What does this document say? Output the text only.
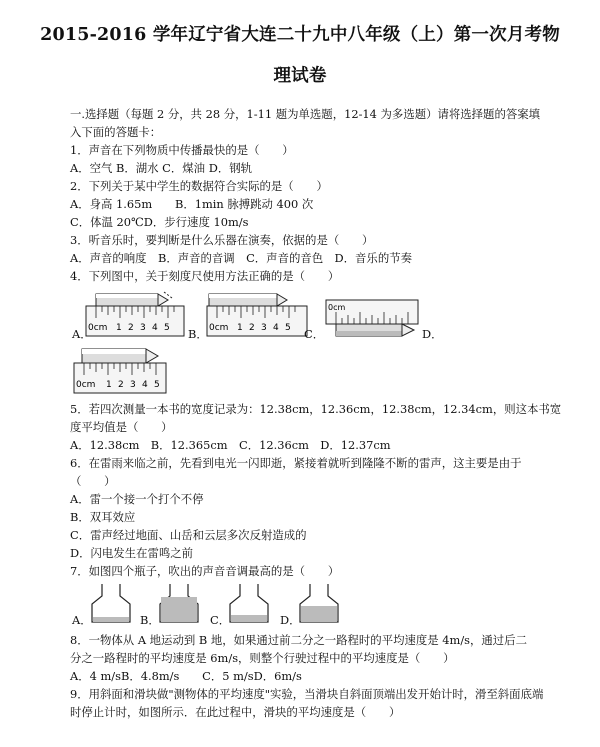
2015-2016 学年辽宁省大连二十九中八年级（上）第一次月考物
理试卷
一.选择题（每题 2 分，共 28 分，1-11 题为单选题，12-14 为多选题）请将选择题的答案填
入下面的答题卡：
1．声音在下列物质中传播最快的是（　　）
A．空气 B．湖水 C．煤油 D．钢轨
2．下列关于某中学生的数据符合实际的是（　　）
A．身高 1.65m　　B．1min 脉搏跳动 400 次
C．体温 20℃D．步行速度 10m/s
3．听音乐时，要判断是什么乐器在演奏，依据的是（　　）
A．声音的响度　B．声音的音调　C．声音的音色　D．音乐的节奏
4．下列图中，关于刻度尺使用方法正确的是（　　）
0cm 1 2 3 4 5
A．	0cm 1 2 3 4 5
B．
0cm
C．	D．
0cm 1 2 3 4 5
5．若四次测量一本书的宽度记录为：12.38cm，12.36cm，12.38cm，12.34cm，则这本书宽
度平均值是（　　）
A．12.38cm　B．12.365cm　C．12.36cm　D．12.37cm
6．在雷雨来临之前，先看到电光一闪即逝，紧接着就听到隆隆不断的雷声，这主要是由于
（　　）
A．雷一个接一个打个不停
B．双耳效应
C．雷声经过地面、山岳和云层多次反射造成的
D．闪电发生在雷鸣之前
7．如图四个瓶子，吹出的声音音调最高的是（　　）
A．	B．	C．	D．
8．一物体从 A 地运动到 B 地，如果通过前二分之一路程时的平均速度是 4m/s，通过后二
分之一路程时的平均速度是 6m/s，则整个行驶过程中的平均速度是（　　）
A．4 m/sB．4.8m/s　　C．5 m/sD．6m/s
9．用斜面和滑块做"测物体的平均速度"实验，当滑块自斜面顶端出发开始计时，滑至斜面底端
时停止计时，如图所示．在此过程中，滑块的平均速度是（　　）
